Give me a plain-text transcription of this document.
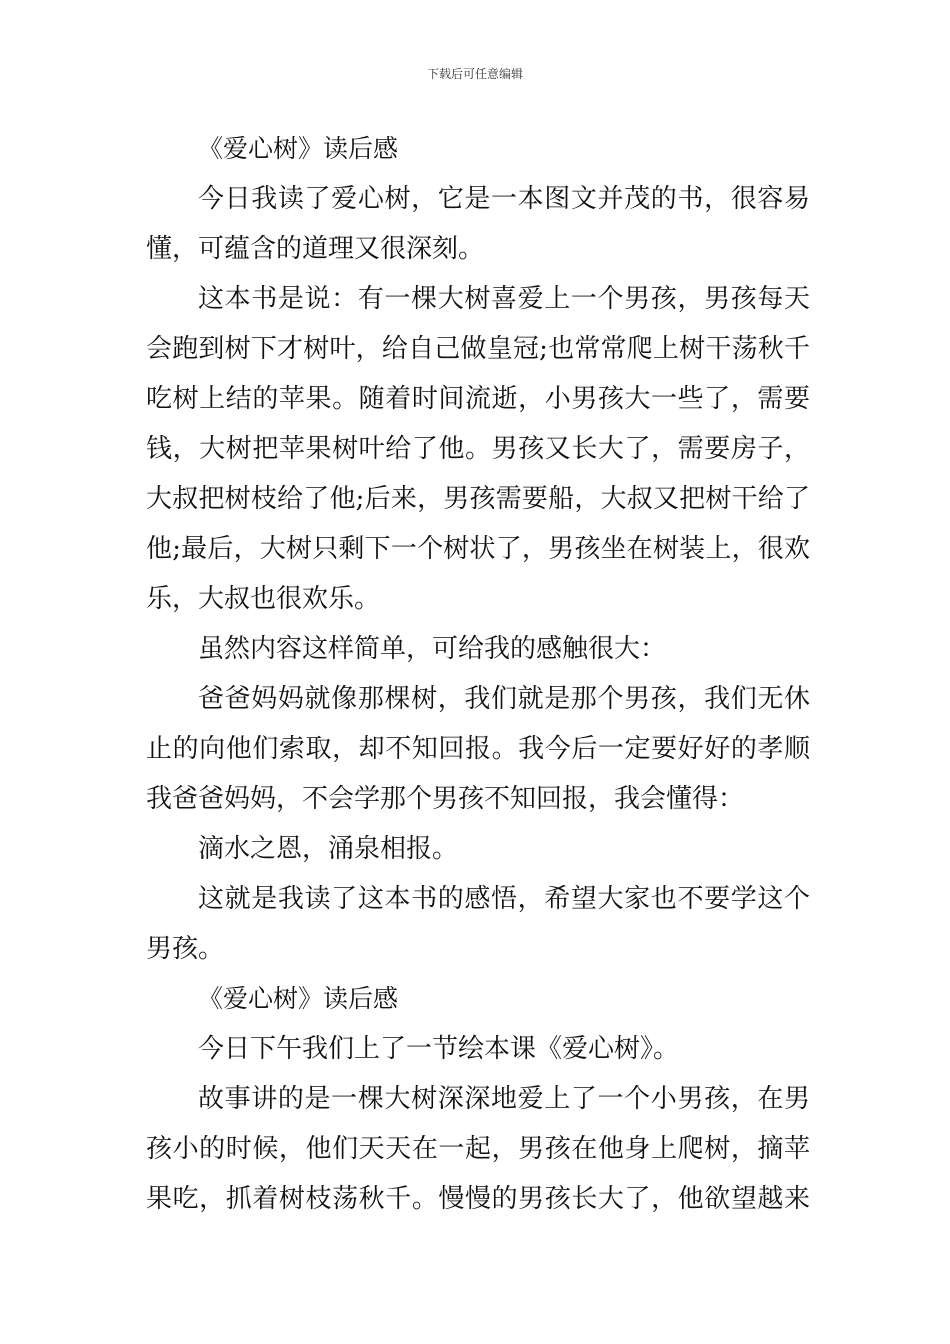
下载后可任意编辑
《爱心树》读后感
今日我读了爱心树，它是一本图文并茂的书，很容易
懂，可蕴含的道理又很深刻。
这本书是说：有一棵大树喜爱上一个男孩，男孩每天
会跑到树下才树叶，给自己做皇冠;也常常爬上树干荡秋千
吃树上结的苹果。随着时间流逝，小男孩大一些了，需要
钱，大树把苹果树叶给了他。男孩又长大了，需要房子，
大叔把树枝给了他;后来，男孩需要船，大叔又把树干给了
他;最后，大树只剩下一个树状了，男孩坐在树装上，很欢
乐，大叔也很欢乐。
虽然内容这样简单，可给我的感触很大：
爸爸妈妈就像那棵树，我们就是那个男孩，我们无休
止的向他们索取，却不知回报。我今后一定要好好的孝顺
我爸爸妈妈，不会学那个男孩不知回报，我会懂得：
滴水之恩，涌泉相报。
这就是我读了这本书的感悟，希望大家也不要学这个
男孩。
《爱心树》读后感
今日下午我们上了一节绘本课《爱心树》。
故事讲的是一棵大树深深地爱上了一个小男孩，在男
孩小的时候，他们天天在一起，男孩在他身上爬树，摘苹
果吃，抓着树枝荡秋千。慢慢的男孩长大了，他欲望越来
